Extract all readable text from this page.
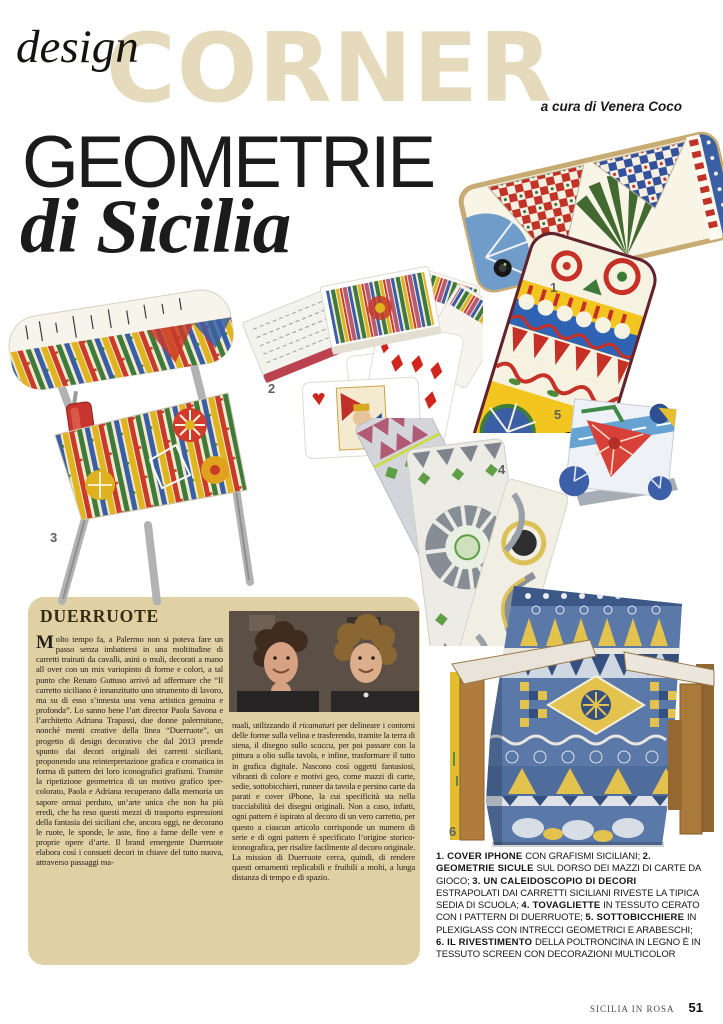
design
CORNER
a cura di Venera Coco
GEOMETRIE
di Sicilia
1
2
3
4
5
6
DUERRUOTE
Molto tempo fa, a Palermo non si poteva fare un passo senza imbattersi in una moltitudine di carretti trainati da cavalli, asini o muli, decorati a mano all over con un mix variopinto di forme e colori, a tal punto che Renato Guttuso arrivò ad affermare che “Il carretto siciliano è innanzitutto uno strumento di lavoro, ma su di esso s’innesta una vena artistica genuina e profonda”. Lo sanno bene l’art director Paola Savona e l’architetto Adriana Trapassi, due donne palermitane, nonché menti creative della linea “Duerruote”, un progetto di design decorativo che dal 2013 prende spunto dai decori originali dei carretti siciliani, proponendo una reinterpretazione grafica e cromatica in forma di pattern dei loro iconografici grafismi. Tramite la ripetizione geometrica di un motivo grafico iper-colorato, Paola e Adriana recuperano dalla memoria un sapore ormai perduto, un’arte unica che non ha più eredi, che ha reso questi mezzi di trasporto espressioni della fantasia dei siciliani che, ancora oggi, ne decorano le ruote, le sponde, le aste, fino a farne delle vere e proprie opere d’arte. Il brand emergente Duerruote elabora così i consueti decori in chiave del tutto nuova, attraverso passaggi ma-
nuali, utilizzando il ricamaturi per delineare i contorni delle forme sulla velina e trasferendo, tramite la terra di siena, il disegno sullo scaccu, per poi passare con la pittura a olio sulla tavola, e infine, trasformare il tutto in grafica digitale. Nascono così oggetti fantasiosi, vibranti di colore e motivi geo, come mazzi di carte, sedie, sottobicchieri, runner da tavola e persino carte da parati e cover iPhone, la cui specificità sta nella tracciabilità dei disegni originali. Non a caso, infatti, ogni pattern è ispirato al decoro di un vero carretto, per questo a ciascun articolo corrisponde un numero di serie e di ogni pattern è specificato l’origine storico-iconografica, per risalire facilmente al decoro originale. La mission di Duerruote cerca, quindi, di rendere questi ornamenti replicabili e fruibili a molti, a lunga distanza di tempo e di spazio.
1. COVER IPHONE CON GRAFISMI SICILIANI; 2. GEOMETRIE SICULE SUL DORSO DEI MAZZI DI CARTE DA GIOCO; 3. UN CALEIDOSCOPIO DI DECORI ESTRAPOLATI DAI CARRETTI SICILIANI RIVESTE LA TIPICA SEDIA DI SCUOLA; 4. TOVAGLIETTE IN TESSUTO CERATO CON I PATTERN DI DUERRUOTE; 5. SOTTOBICCHIERE IN PLEXIGLASS CON INTRECCI GEOMETRICI E ARABESCHI; 6. IL RIVESTIMENTO DELLA POLTRONCINA IN LEGNO È IN TESSUTO SCREEN CON DECORAZIONI MULTICOLOR
SICILIA IN ROSA 51
